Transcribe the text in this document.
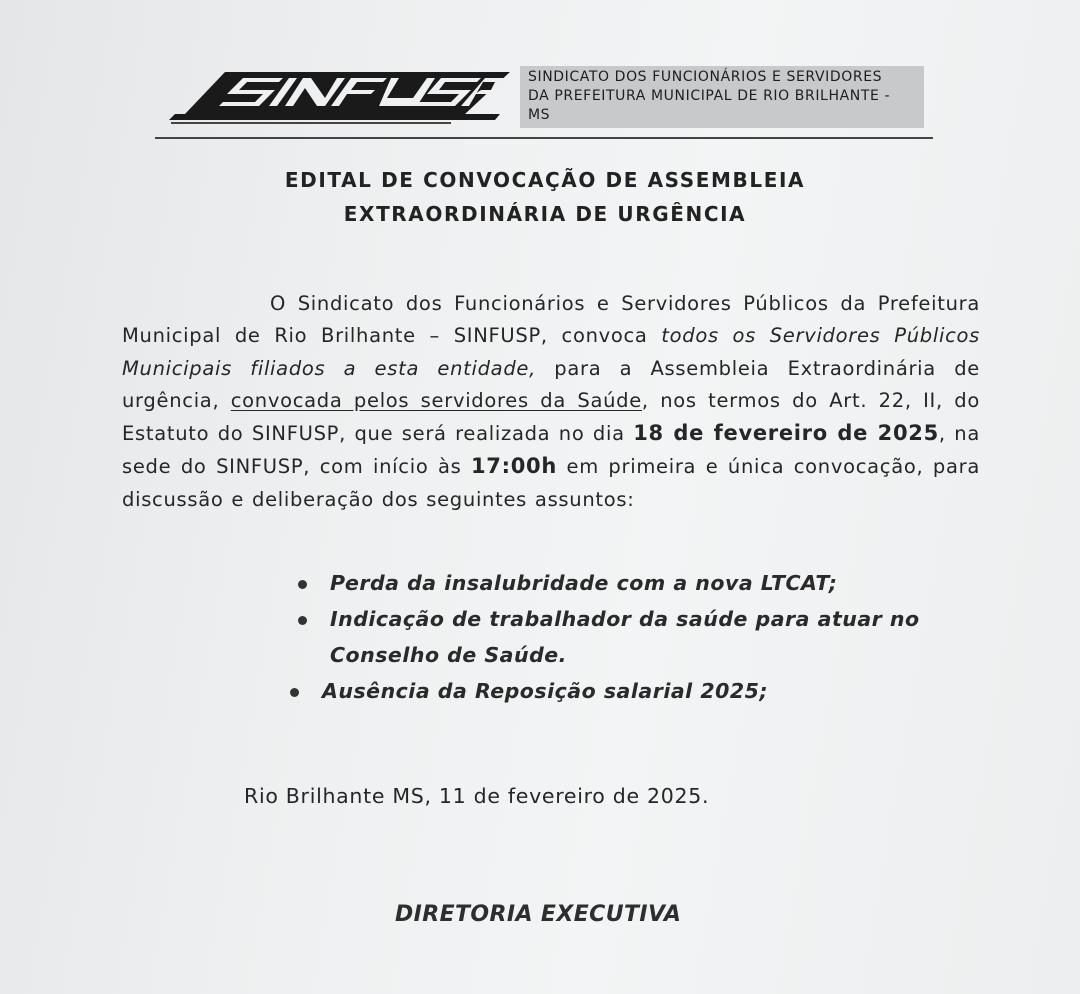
SINDICATO DOS FUNCIONÁRIOS E SERVIDORES
DA PREFEITURA MUNICIPAL DE RIO BRILHANTE -
MS
EDITAL DE CONVOCAÇÃO DE ASSEMBLEIA
EXTRAORDINÁRIA DE URGÊNCIA
O Sindicato dos Funcionários e Servidores Públicos da Prefeitura Municipal de Rio Brilhante – SINFUSP, convoca todos os Servidores Públicos Municipais filiados a esta entidade, para a Assembleia Extraordinária de urgência, convocada pelos servidores da Saúde, nos termos do Art. 22, II, do Estatuto do SINFUSP, que será realizada no dia 18 de fevereiro de 2025, na sede do SINFUSP, com início às 17:00h em primeira e única convocação, para discussão e deliberação dos seguintes assuntos:
Perda da insalubridade com a nova LTCAT;
Indicação de trabalhador da saúde para atuar no Conselho de Saúde.
Ausência da Reposição salarial 2025;
Rio Brilhante MS, 11 de fevereiro de 2025.
DIRETORIA EXECUTIVA
